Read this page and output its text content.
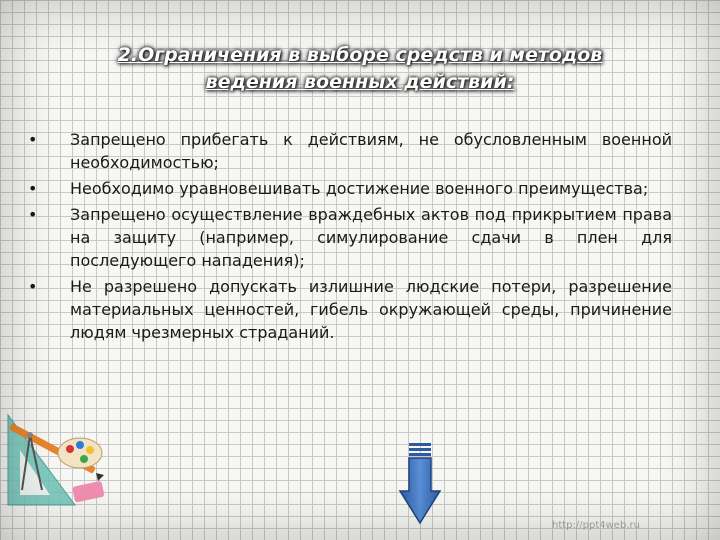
2.Ограничения в выборе средств и методов
ведения военных действий:
•	Запрещено прибегать к действиям, не обусловленным военной необходимостью;
•	Необходимо уравновешивать достижение военного преимущества;
•	Запрещено осуществление враждебных актов под прикрытием права на защиту (например, симулирование сдачи в плен для последующего нападения);
•	Не разрешено допускать излишние людские потери, разрешение материальных ценностей, гибель окружающей среды, причинение людям чрезмерных страданий.
http://ppt4web.ru
